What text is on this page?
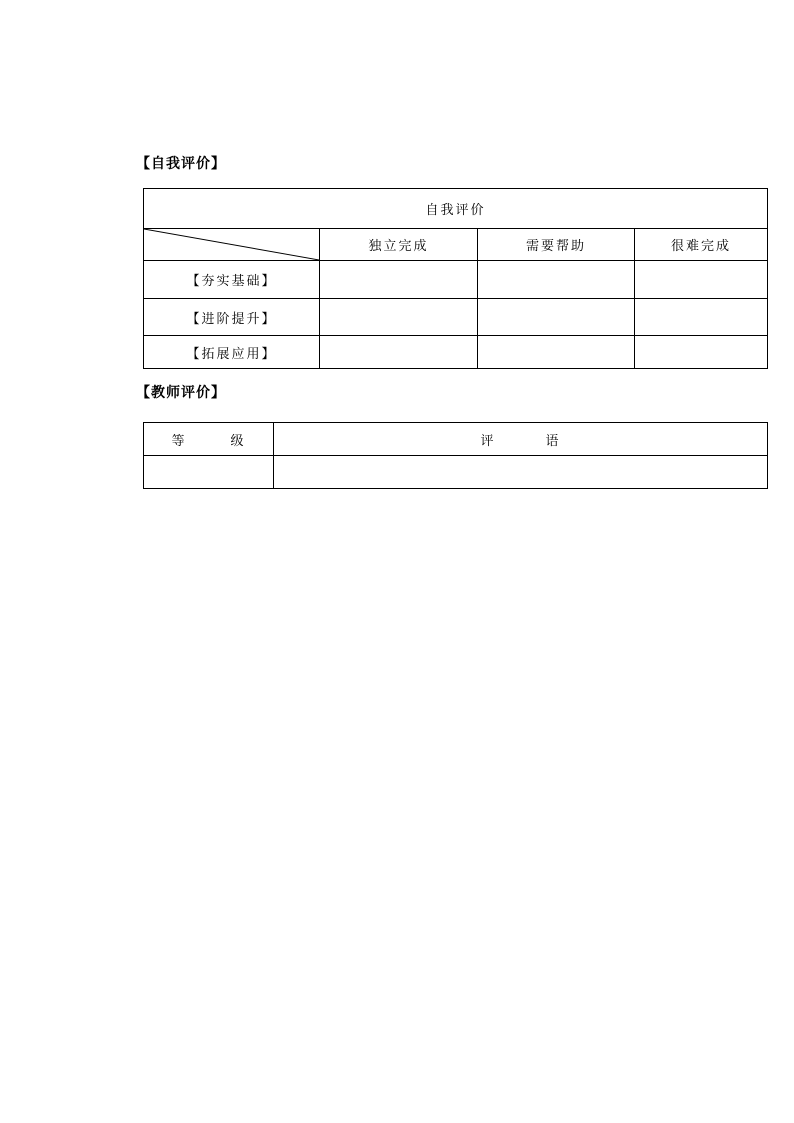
【自我评价】
自我评价			

	独立完成	需要帮助	很难完成
【夯实基础】			
【进阶提升】			
【拓展应用】			
【教师评价】
等 级	评 语
